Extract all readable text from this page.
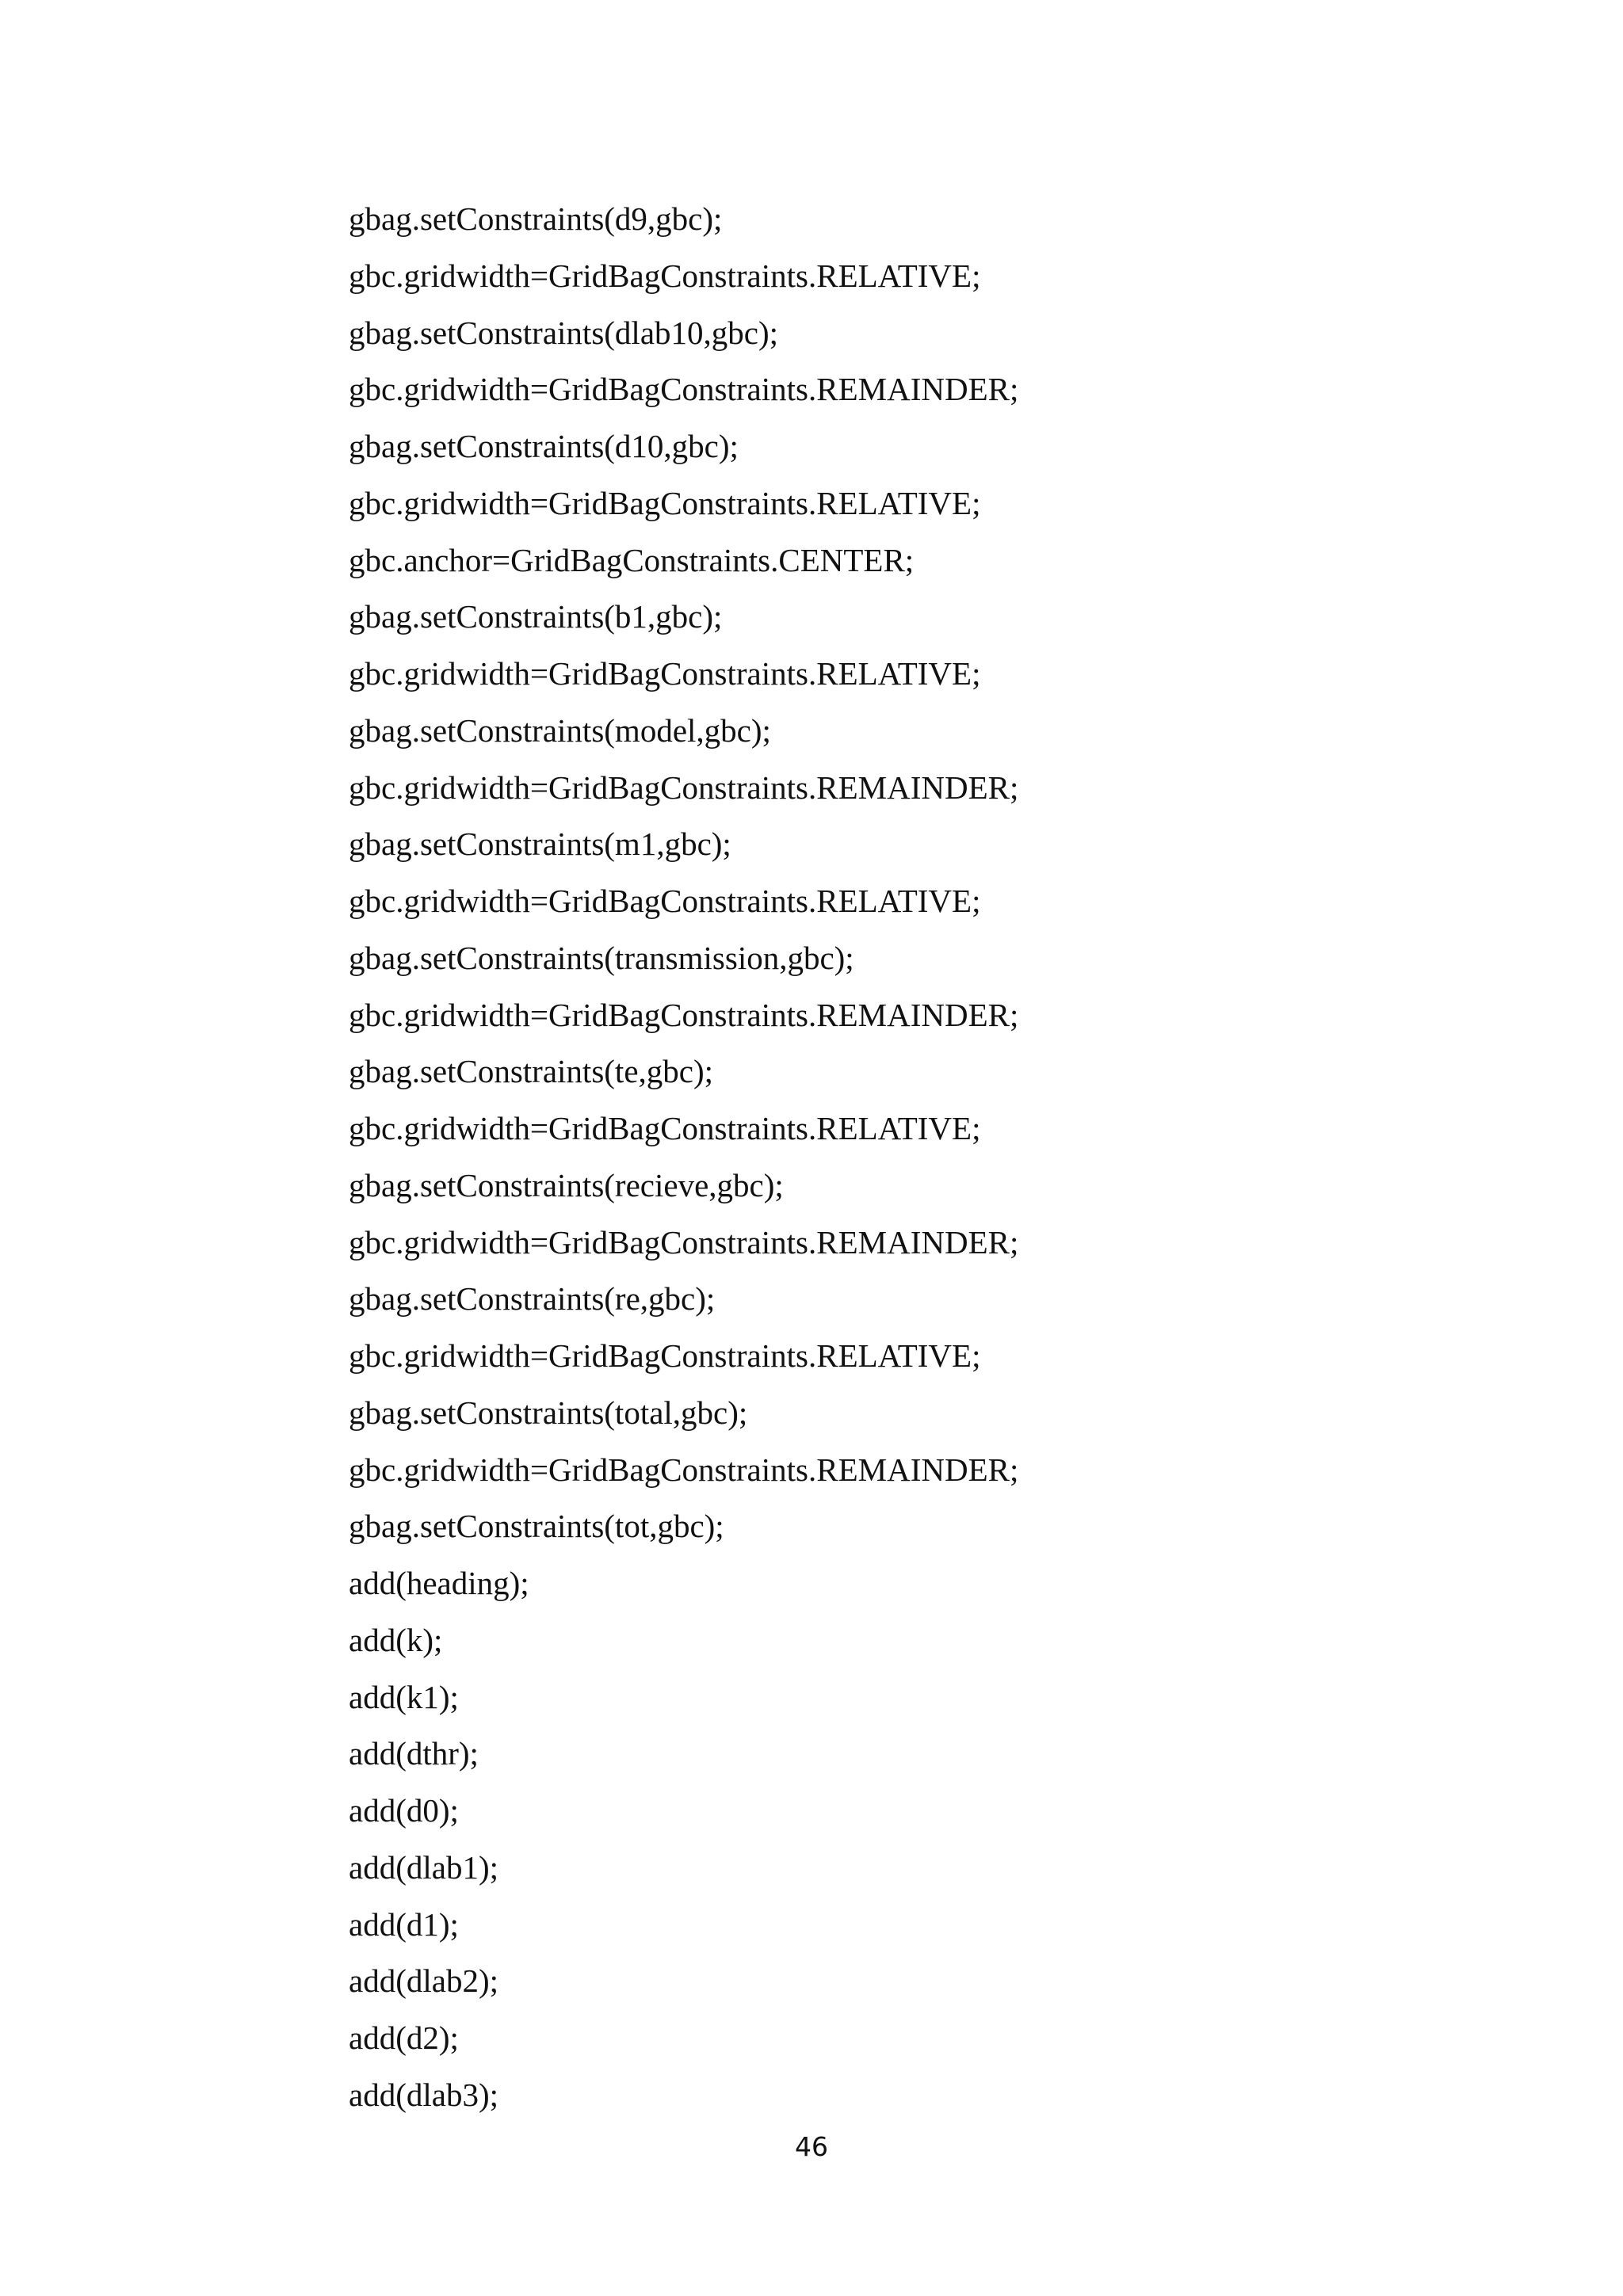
gbag.setConstraints(d9,gbc);
gbc.gridwidth=GridBagConstraints.RELATIVE;
gbag.setConstraints(dlab10,gbc);
gbc.gridwidth=GridBagConstraints.REMAINDER;
gbag.setConstraints(d10,gbc);
gbc.gridwidth=GridBagConstraints.RELATIVE;
gbc.anchor=GridBagConstraints.CENTER;
gbag.setConstraints(b1,gbc);
gbc.gridwidth=GridBagConstraints.RELATIVE;
gbag.setConstraints(model,gbc);
gbc.gridwidth=GridBagConstraints.REMAINDER;
gbag.setConstraints(m1,gbc);
gbc.gridwidth=GridBagConstraints.RELATIVE;
gbag.setConstraints(transmission,gbc);
gbc.gridwidth=GridBagConstraints.REMAINDER;
gbag.setConstraints(te,gbc);
gbc.gridwidth=GridBagConstraints.RELATIVE;
gbag.setConstraints(recieve,gbc);
gbc.gridwidth=GridBagConstraints.REMAINDER;
gbag.setConstraints(re,gbc);
gbc.gridwidth=GridBagConstraints.RELATIVE;
gbag.setConstraints(total,gbc);
gbc.gridwidth=GridBagConstraints.REMAINDER;
gbag.setConstraints(tot,gbc);
add(heading);
add(k);
add(k1);
add(dthr);
add(d0);
add(dlab1);
add(d1);
add(dlab2);
add(d2);
add(dlab3);
46
